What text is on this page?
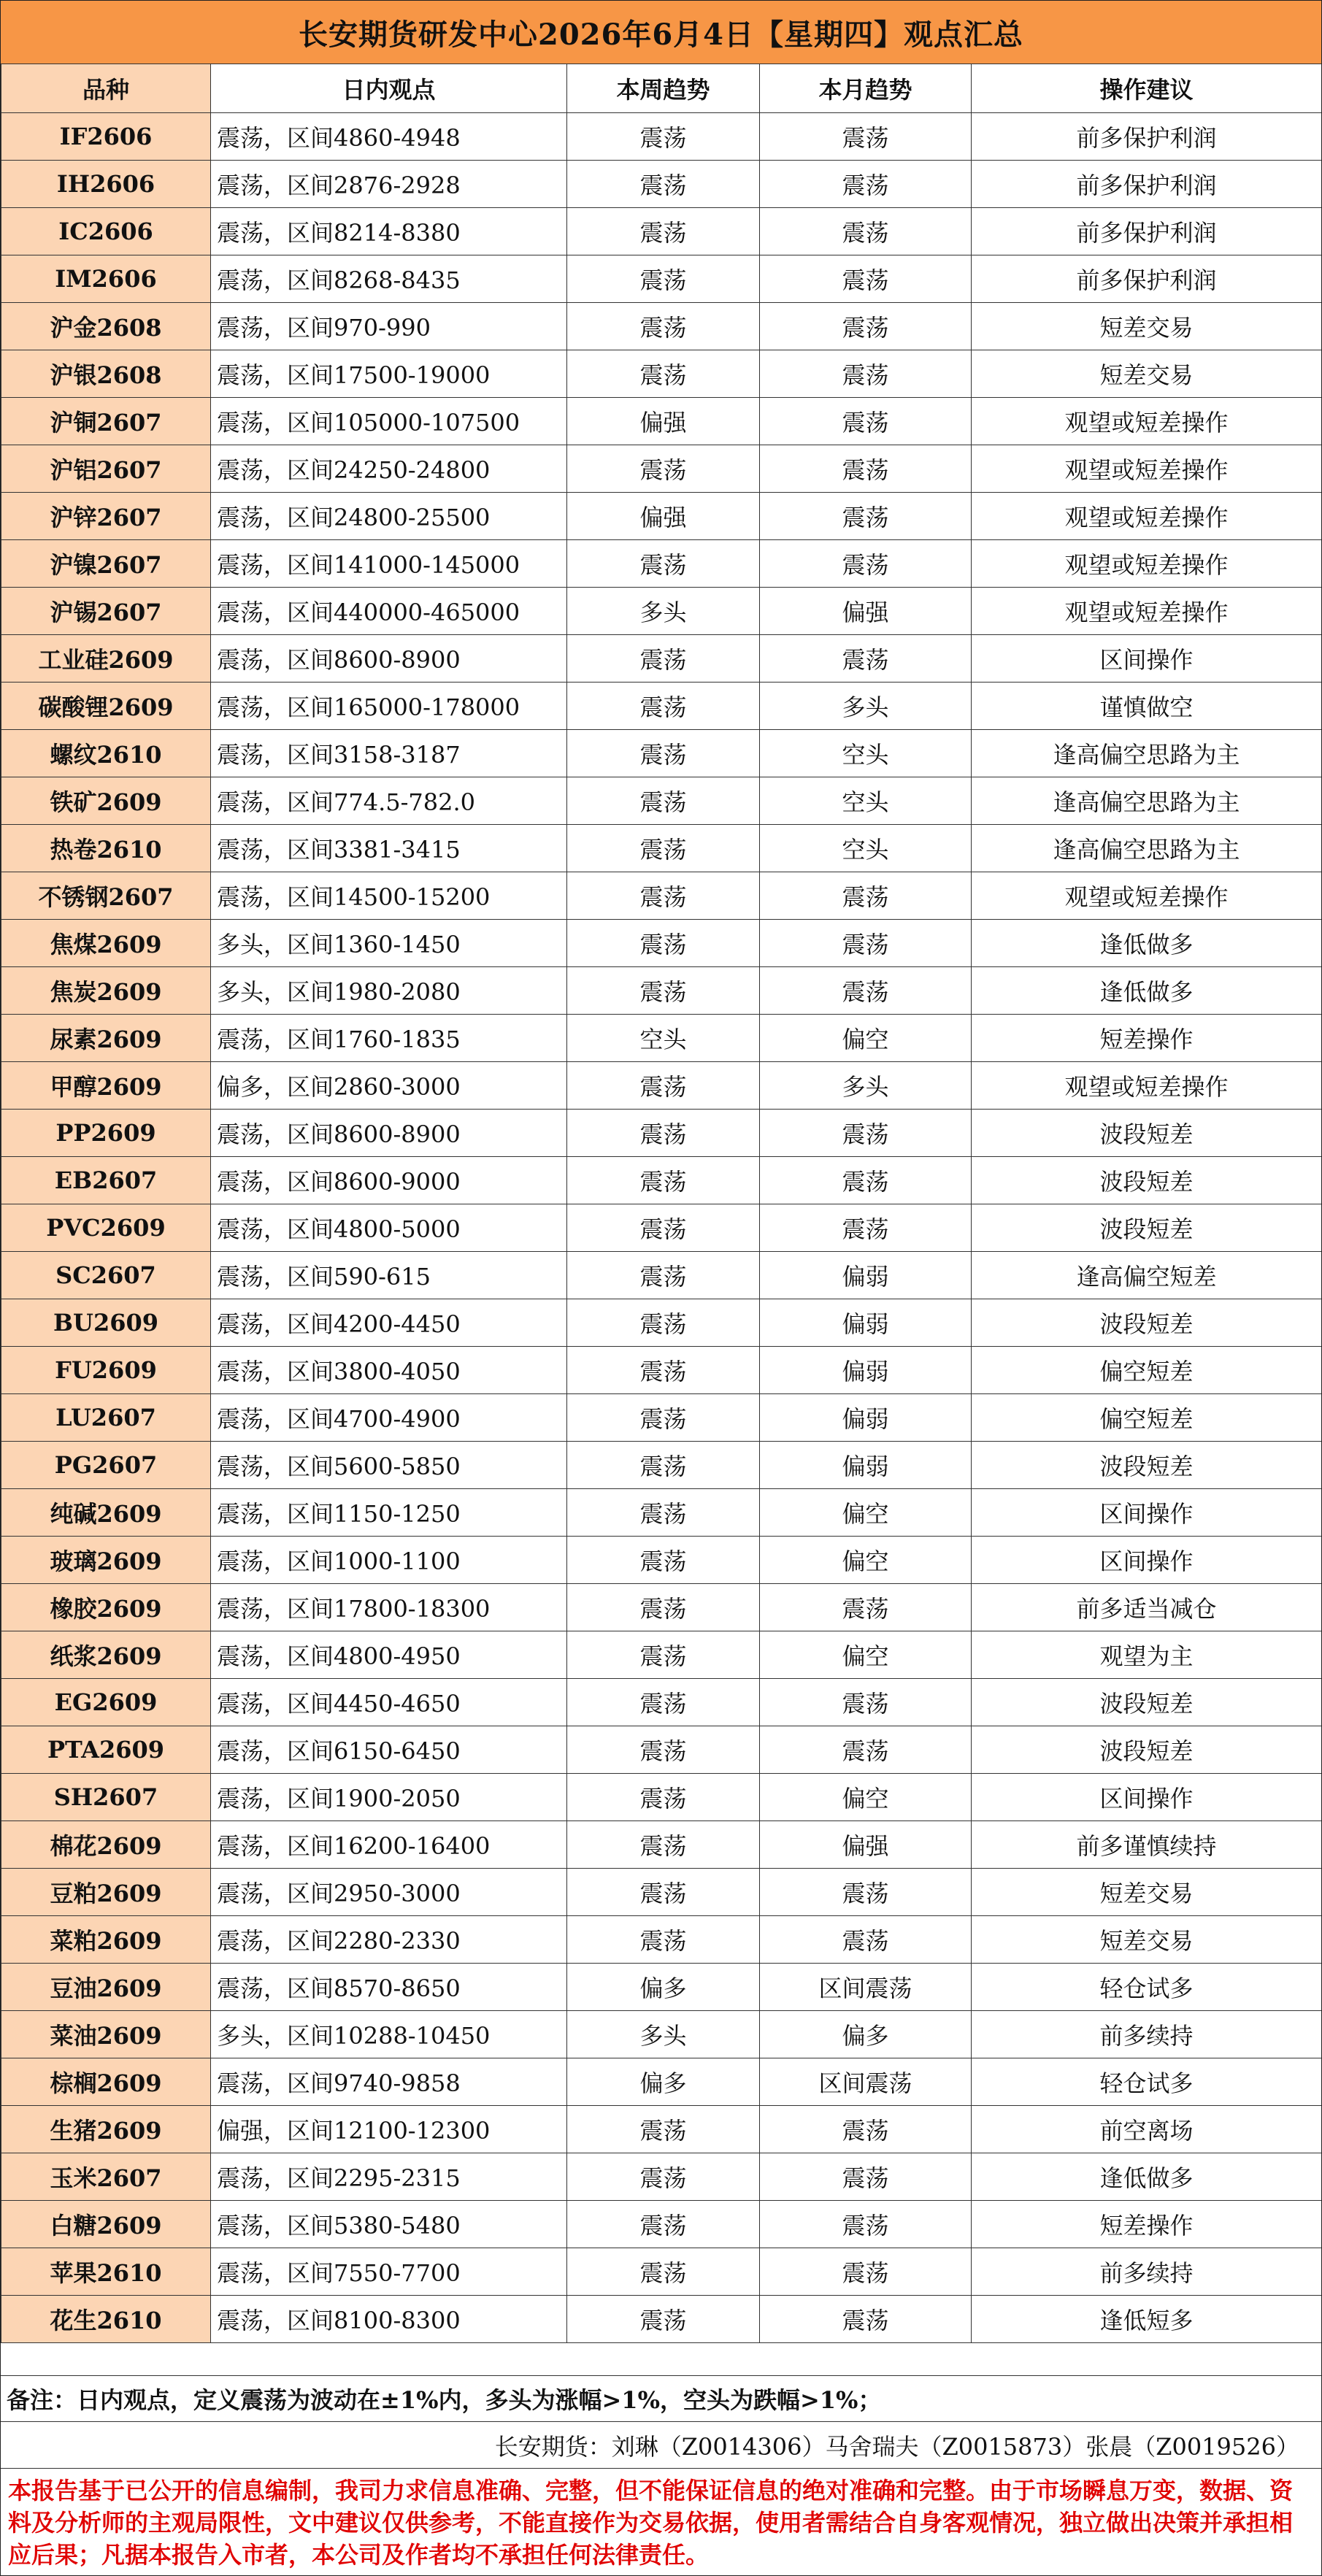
长安期货研发中心2026年6月4日【星期四】观点汇总
品种	日内观点	本周趋势	本月趋势	操作建议
IF2606	震荡，区间4860-4948	震荡	震荡	前多保护利润
IH2606	震荡，区间2876-2928	震荡	震荡	前多保护利润
IC2606	震荡，区间8214-8380	震荡	震荡	前多保护利润
IM2606	震荡，区间8268-8435	震荡	震荡	前多保护利润
沪金2608	震荡，区间970-990	震荡	震荡	短差交易
沪银2608	震荡，区间17500-19000	震荡	震荡	短差交易
沪铜2607	震荡，区间105000-107500	偏强	震荡	观望或短差操作
沪铝2607	震荡，区间24250-24800	震荡	震荡	观望或短差操作
沪锌2607	震荡，区间24800-25500	偏强	震荡	观望或短差操作
沪镍2607	震荡，区间141000-145000	震荡	震荡	观望或短差操作
沪锡2607	震荡，区间440000-465000	多头	偏强	观望或短差操作
工业硅2609	震荡，区间8600-8900	震荡	震荡	区间操作
碳酸锂2609	震荡，区间165000-178000	震荡	多头	谨慎做空
螺纹2610	震荡，区间3158-3187	震荡	空头	逢高偏空思路为主
铁矿2609	震荡，区间774.5-782.0	震荡	空头	逢高偏空思路为主
热卷2610	震荡，区间3381-3415	震荡	空头	逢高偏空思路为主
不锈钢2607	震荡，区间14500-15200	震荡	震荡	观望或短差操作
焦煤2609	多头，区间1360-1450	震荡	震荡	逢低做多
焦炭2609	多头，区间1980-2080	震荡	震荡	逢低做多
尿素2609	震荡，区间1760-1835	空头	偏空	短差操作
甲醇2609	偏多，区间2860-3000	震荡	多头	观望或短差操作
PP2609	震荡，区间8600-8900	震荡	震荡	波段短差
EB2607	震荡，区间8600-9000	震荡	震荡	波段短差
PVC2609	震荡，区间4800-5000	震荡	震荡	波段短差
SC2607	震荡，区间590-615	震荡	偏弱	逢高偏空短差
BU2609	震荡，区间4200-4450	震荡	偏弱	波段短差
FU2609	震荡，区间3800-4050	震荡	偏弱	偏空短差
LU2607	震荡，区间4700-4900	震荡	偏弱	偏空短差
PG2607	震荡，区间5600-5850	震荡	偏弱	波段短差
纯碱2609	震荡，区间1150-1250	震荡	偏空	区间操作
玻璃2609	震荡，区间1000-1100	震荡	偏空	区间操作
橡胶2609	震荡，区间17800-18300	震荡	震荡	前多适当减仓
纸浆2609	震荡，区间4800-4950	震荡	偏空	观望为主
EG2609	震荡，区间4450-4650	震荡	震荡	波段短差
PTA2609	震荡，区间6150-6450	震荡	震荡	波段短差
SH2607	震荡，区间1900-2050	震荡	偏空	区间操作
棉花2609	震荡，区间16200-16400	震荡	偏强	前多谨慎续持
豆粕2609	震荡，区间2950-3000	震荡	震荡	短差交易
菜粕2609	震荡，区间2280-2330	震荡	震荡	短差交易
豆油2609	震荡，区间8570-8650	偏多	区间震荡	轻仓试多
菜油2609	多头，区间10288-10450	多头	偏多	前多续持
棕榈2609	震荡，区间9740-9858	偏多	区间震荡	轻仓试多
生猪2609	偏强，区间12100-12300	震荡	震荡	前空离场
玉米2607	震荡，区间2295-2315	震荡	震荡	逢低做多
白糖2609	震荡，区间5380-5480	震荡	震荡	短差操作
苹果2610	震荡，区间7550-7700	震荡	震荡	前多续持
花生2610	震荡，区间8100-8300	震荡	震荡	逢低短多
备注：日内观点，定义震荡为波动在±1%内，多头为涨幅>1%，空头为跌幅>1%；
长安期货：刘琳（Z0014306）马舍瑞夫（Z0015873）张晨（Z0019526）
本报告基于已公开的信息编制，我司力求信息准确、完整，但不能保证信息的绝对准确和完整。由于市场瞬息万变，数据、资料及分析师的主观局限性，文中建议仅供参考，不能直接作为交易依据，使用者需结合自身客观情况，独立做出决策并承担相应后果；凡据本报告入市者，本公司及作者均不承担任何法律责任。
